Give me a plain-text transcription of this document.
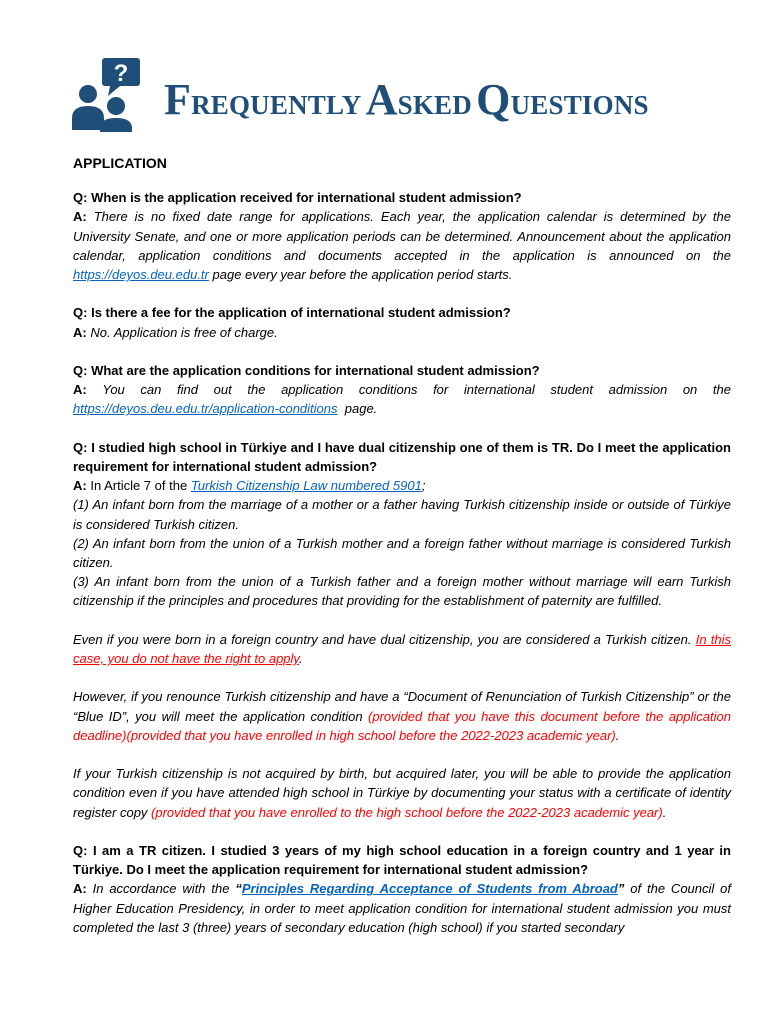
?
FREQUENTLY ASKED QUESTIONS
APPLICATION

Q: When is the application received for international student admission?

A: There is no fixed date range for applications. Each year, the application calendar is determined by the University Senate, and one or more application periods can be determined. Announcement about the application calendar, application conditions and documents accepted in the application is announced on the https://deyos.deu.edu.tr page every year before the application period starts.

Q: Is there a fee for the application of international student admission?

A: No. Application is free of charge.

Q: What are the application conditions for international student admission?

A: You can find out the application conditions for international student admission on the https://deyos.deu.edu.tr/application-conditions page.

Q: I studied high school in Türkiye and I have dual citizenship one of them is TR. Do I meet the application requirement for international student admission?

A: In Article 7 of the Turkish Citizenship Law numbered 5901;

(1) An infant born from the marriage of a mother or a father having Turkish citizenship inside or outside of Türkiye is considered Turkish citizen.

(2) An infant born from the union of a Turkish mother and a foreign father without marriage is considered Turkish citizen.

(3) An infant born from the union of a Turkish father and a foreign mother without marriage will earn Turkish citizenship if the principles and procedures that providing for the establishment of paternity are fulfilled.

Even if you were born in a foreign country and have dual citizenship, you are considered a Turkish citizen. In this case, you do not have the right to apply.

However, if you renounce Turkish citizenship and have a “Document of Renunciation of Turkish Citizenship” or the “Blue ID”, you will meet the application condition (provided that you have this document before the application deadline)(provided that you have enrolled in high school before the 2022-2023 academic year).

If your Turkish citizenship is not acquired by birth, but acquired later, you will be able to provide the application condition even if you have attended high school in Türkiye by documenting your status with a certificate of identity register copy (provided that you have enrolled to the high school before the 2022-2023 academic year).

Q: I am a TR citizen. I studied 3 years of my high school education in a foreign country and 1 year in Türkiye. Do I meet the application requirement for international student admission?

A: In accordance with the “Principles Regarding Acceptance of Students from Abroad” of the Council of Higher Education Presidency, in order to meet application condition for international student admission you must completed the last 3 (three) years of secondary education (high school) if you started secondary
